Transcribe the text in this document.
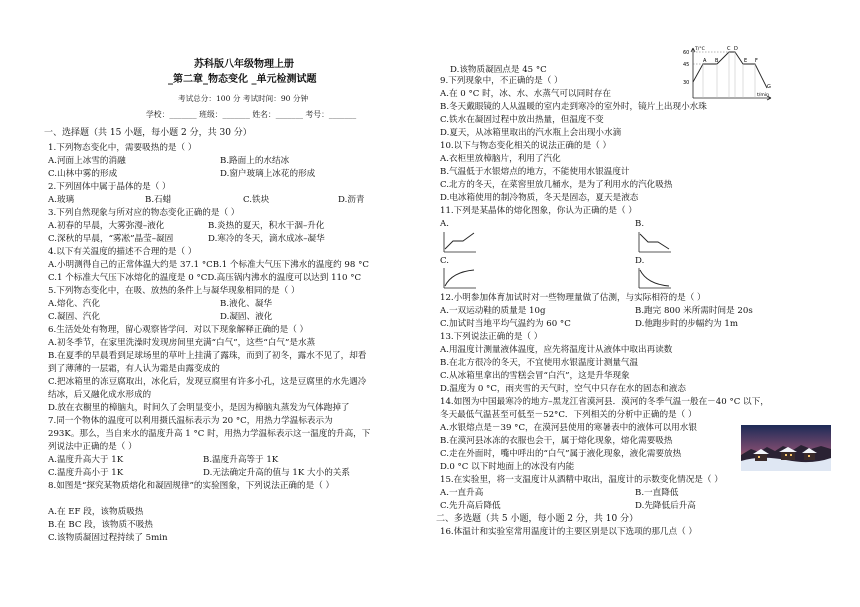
苏科版八年级物理上册
_第二章_物态变化 _单元检测试题
考试总分：100 分 考试时间：90 分钟
学校：_______ 班级：_______ 姓名：_______ 考号：_______
一、选择题（共 15 小题，每小题 2 分，共 30 分）
1.下列物态变化中，需要吸热的是（ ）
A.河面上冰雪的消融	B.路面上的水结冰
C.山林中雾的形成	D.窗户玻璃上冰花的形成
2.下列固体中属于晶体的是（ ）
A.玻璃	B.石蜡	C.铁块	D.沥青
3.下列自然现象与所对应的物态变化正确的是（ ）
A.初春的早晨，大雾弥漫–液化	B.炎热的夏天，积水干涸–升化
C.深秋的早晨，“雾凇”晶莹–凝固	D.寒冷的冬天，滴水成冰–凝华
4.以下有关温度的描述不合理的是（ ）
A.小明测得自己的正常体温大约是 37.1 °CB.1 个标准大气压下沸水的温度约 98 °C
C.1 个标准大气压下冰熔化的温度是 0 °CD.高压锅内沸水的温度可以达到 110 °C
5.下列物态变化中，在吸、放热的条件上与凝华现象相同的是（ ）
A.熔化、汽化	B.液化、凝华
C.凝固、汽化	D.凝固、液化
6.生活处处有物理，留心观察皆学问．对以下现象解释正确的是（ ）
A.初冬季节，在家里洗澡时发现房间里充满“白气”，这些“白气”是水蒸
B.在夏季的早晨看到足球场里的草叶上挂满了露珠，而到了初冬，露水不见了，却看
到了薄薄的一层霜，有人认为霜是由露变成的
C.把冰箱里的冻豆腐取出，冰化后，发现豆腐里有许多小孔，这是豆腐里的水先遇冷
结冰，后又融化成水形成的
D.放在衣橱里的樟脑丸，时间久了会明显变小，是因为樟脑丸蒸发为气体跑掉了
7.同一个物体的温度可以利用摄氏温标表示为 20 °C，用热力学温标表示为
293K。那么，当自来水的温度升高 1 °C 时，用热力学温标表示这一温度的升高，下
列说法中正确的是（ ）
A.温度升高大于 1K	B.温度升高等于 1K
C.温度升高小于 1K	D.无法确定升高的值与 1K 大小的关系
8.如图是“探究某物质熔化和凝固规律”的实验图象，下列说法正确的是（ ）
A.在 EF 段，该物质吸热
B.在 BC 段，该物质不吸热
C.该物质凝固过程持续了 5min
D.该物质凝固点是 45 °C
9.下列现象中，不正确的是（ ）
A.在 0 °C 时，冰、水、水蒸气可以同时存在
B.冬天戴眼镜的人从温暖的室内走到寒冷的室外时，镜片上出现小水珠
C.铁水在凝固过程中放出热量，但温度不变
D.夏天，从冰箱里取出的汽水瓶上会出现小水滴
10.以下与物态变化相关的说法正确的是（ ）
A.衣柜里放樟脑片，利用了汽化
B.气温低于水银熔点的地方，不能使用水银温度计
C.北方的冬天，在菜窖里放几桶水，是为了利用水的汽化吸热
D.电冰箱使用的制冷物质，冬天是固态，夏天是液态
11.下列是某晶体的熔化图象，你认为正确的是（ ）
A.	B.
C.	D.
12.小明参加体育加试时对一些物理量做了估测，与实际相符的是（ ）
A.一双运动鞋的质量是 10g	B.跑完 800 米所需时间是 20s
C.加试时当地平均气温约为 60 °C	D.他跑步时的步幅约为 1m
13.下列说法正确的是（ ）
A.用温度计测量液体温度，应先将温度计从液体中取出再读数
B.在北方很冷的冬天，不宜使用水银温度计测量气温
C.从冰箱里拿出的雪糕会冒“白汽”，这是升华现象
D.温度为 0 °C，雨夹雪的天气时，空气中只存在水的固态和液态
14.如图为中国最寒冷的地方–黑龙江省漠河县．漠河的冬季气温一般在－40 °C 以下，
冬天最低气温甚至可低至－52°C．下列相关的分析中正确的是（ ）
A.水银熔点是－39 °C，在漠河县使用的寒暑表中的液体可以用水银
B.在漠河县冰冻的衣服也会干，属于熔化现象，熔化需要吸热
C.走在外面时，嘴中呼出的“白气”属于液化现象，液化需要放热
D.0 °C 以下时地面上的冰没有内能
15.在实验里，将一支温度计从酒精中取出，温度计的示数变化情况是（ ）
A.一直升高	B.一直降低
C.先升高后降低	D.先降低后升高
二、多选题（共 5 小题，每小题 2 分，共 10 分）
16.体温计和实验室常用温度计的主要区别是以下选项的那几点（ ）
60
45
30
A B
C D
E F
G
t/min
T/°C
